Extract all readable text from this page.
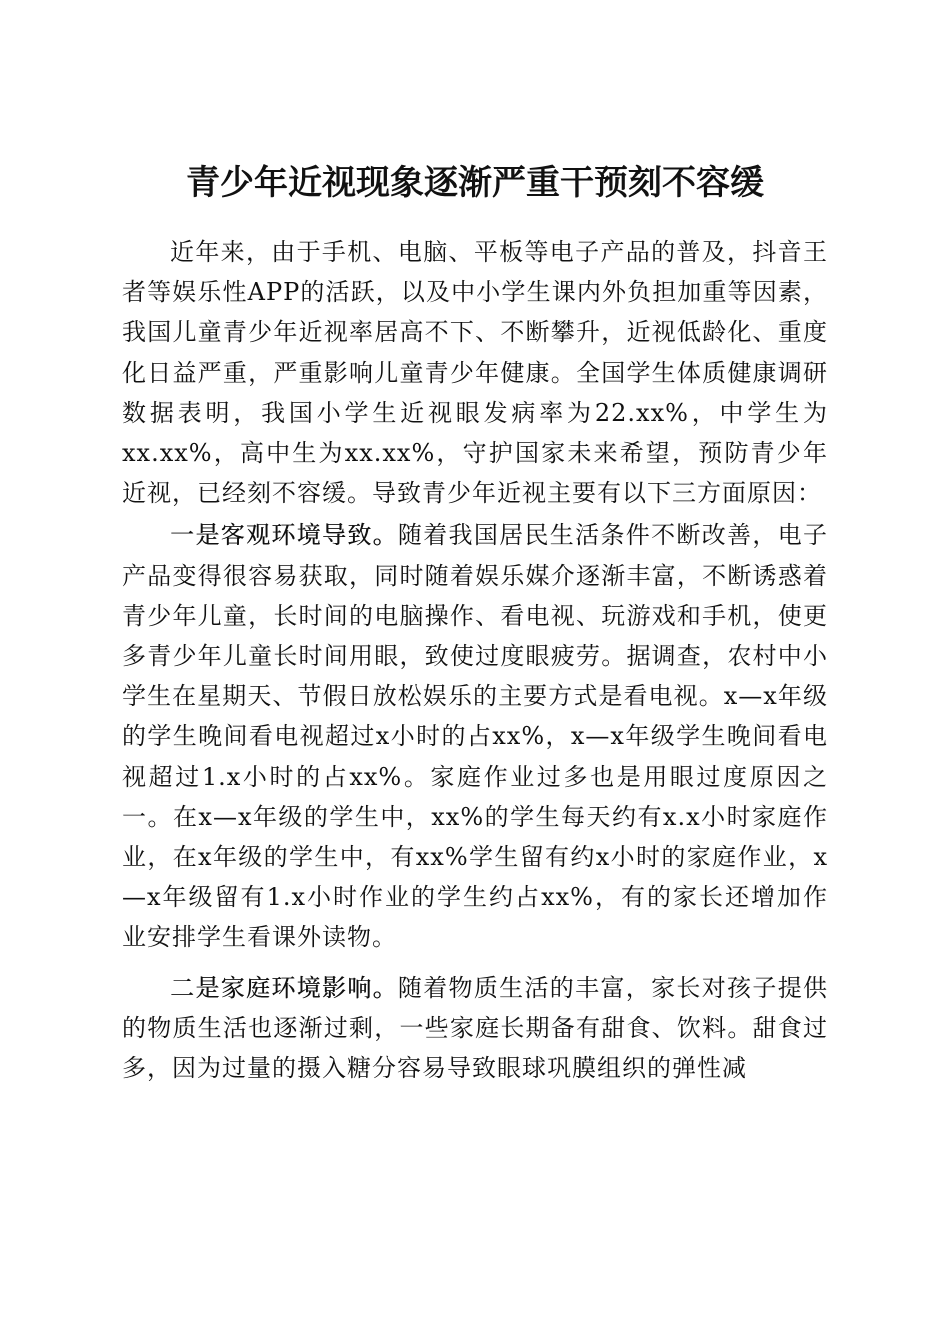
青少年近视现象逐渐严重干预刻不容缓

近年来，由于手机、电脑、平板等电子产品的普及，抖音王者等娱乐性APP的活跃，以及中小学生课内外负担加重等因素，我国儿童青少年近视率居高不下、不断攀升，近视低龄化、重度化日益严重，严重影响儿童青少年健康。全国学生体质健康调研数据表明，我国小学生近视眼发病率为22.xx%，中学生为xx.xx%，高中生为xx.xx%，守护国家未来希望，预防青少年近视，已经刻不容缓。导致青少年近视主要有以下三方面原因：

一是客观环境导致。随着我国居民生活条件不断改善，电子产品变得很容易获取，同时随着娱乐媒介逐渐丰富，不断诱惑着青少年儿童，长时间的电脑操作、看电视、玩游戏和手机，使更多青少年儿童长时间用眼，致使过度眼疲劳。据调查，农村中小学生在星期天、节假日放松娱乐的主要方式是看电视。x—x年级的学生晚间看电视超过x小时的占xx%，x—x年级学生晚间看电视超过1.x小时的占xx%。家庭作业过多也是用眼过度原因之一。在x—x年级的学生中，xx%的学生每天约有x.x小时家庭作业，在x年级的学生中，有xx%学生留有约x小时的家庭作业，x—x年级留有1.x小时作业的学生约占xx%，有的家长还增加作业安排学生看课外读物。

二是家庭环境影响。随着物质生活的丰富，家长对孩子提供的物质生活也逐渐过剩，一些家庭长期备有甜食、饮料。甜食过多，因为过量的摄入糖分容易导致眼球巩膜组织的弹性减
